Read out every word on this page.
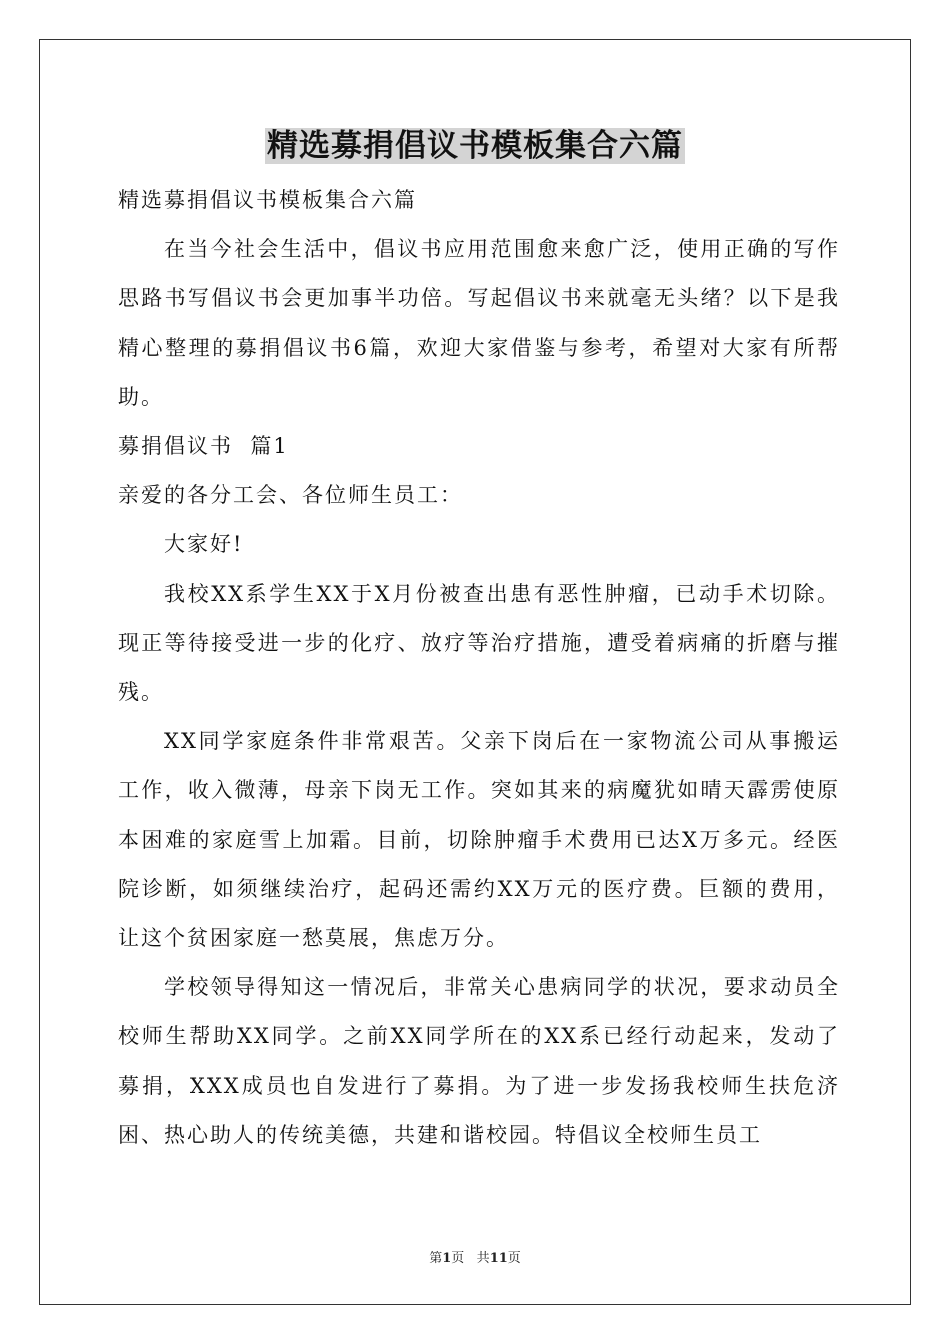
精选募捐倡议书模板集合六篇

精选募捐倡议书模板集合六篇

在当今社会生活中，倡议书应用范围愈来愈广泛，使用正确的写作思路书写倡议书会更加事半功倍。写起倡议书来就毫无头绪？以下是我精心整理的募捐倡议书6篇，欢迎大家借鉴与参考，希望对大家有所帮助。

募捐倡议书  篇1

亲爱的各分工会、各位师生员工：

大家好!

我校XX系学生XX于X月份被查出患有恶性肿瘤，已动手术切除。现正等待接受进一步的化疗、放疗等治疗措施，遭受着病痛的折磨与摧残。

XX同学家庭条件非常艰苦。父亲下岗后在一家物流公司从事搬运工作，收入微薄，母亲下岗无工作。突如其来的病魔犹如晴天霹雳使原本困难的家庭雪上加霜。目前，切除肿瘤手术费用已达X万多元。经医院诊断，如须继续治疗，起码还需约XX万元的医疗费。巨额的费用，让这个贫困家庭一愁莫展，焦虑万分。

学校领导得知这一情况后，非常关心患病同学的状况，要求动员全校师生帮助XX同学。之前XX同学所在的XX系已经行动起来，发动了募捐，XXX成员也自发进行了募捐。为了进一步发扬我校师生扶危济困、热心助人的传统美德，共建和谐校园。特倡议全校师生员工

第1页 共11页
